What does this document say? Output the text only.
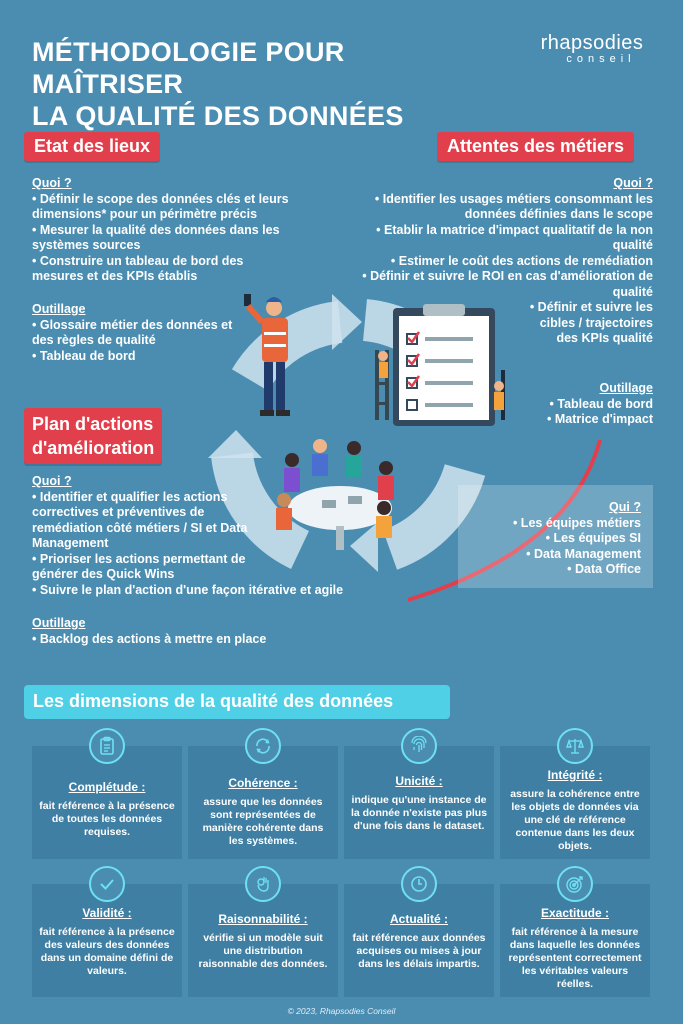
MÉTHODOLOGIE POUR MAÎTRISER
LA QUALITÉ DES DONNÉES
rhapsodies
conseil
Etat des lieux
Quoi ?
• Définir le scope des données clés et leurs dimensions* pour un périmètre précis
• Mesurer la qualité des données dans les systèmes sources
• Construire un tableau de bord des mesures et des KPIs établis
Outillage
• Glossaire métier des données et des règles de qualité
• Tableau de bord
Attentes des métiers
Quoi ?
• Identifier les usages métiers consommant les données définies dans le scope
• Etablir la matrice d'impact qualitatif de la non qualité
• Estimer le coût des actions de remédiation
• Définir et suivre le ROI en cas d'amélioration de qualité
• Définir et suivre les cibles / trajectoires des KPIs qualité
Outillage
• Tableau de bord
• Matrice d'impact
Plan d'actions
d'amélioration
Quoi ?
• Identifier et qualifier les actions correctives et préventives de remédiation côté métiers / SI et Data Management
• Prioriser les actions permettant de générer des Quick Wins
• Suivre le plan d'action d'une façon itérative et agile
Outillage
• Backlog des actions à mettre en place
Qui ?
• Les équipes métiers
• Les équipes SI
• Data Management
• Data Office
Les dimensions de la qualité des données
Complétude :
fait référence à la présence de toutes les données requises.
Cohérence :
assure que les données sont représentées de manière cohérente dans les systèmes.
Unicité :
indique qu'une instance de la donnée n'existe pas plus d'une fois dans le dataset.
Intégrité :
assure la cohérence entre les objets de données via une clé de référence contenue dans les deux objets.
Validité :
fait référence à la présence des valeurs des données dans un domaine défini de valeurs.
Raisonnabilité :
vérifie si un modèle suit une distribution raisonnable des données.
Actualité :
fait référence aux données acquises ou mises à jour dans les délais impartis.
Exactitude :
fait référence à la mesure dans laquelle les données représentent correctement les véritables valeurs réelles.
© 2023, Rhapsodies Conseil
